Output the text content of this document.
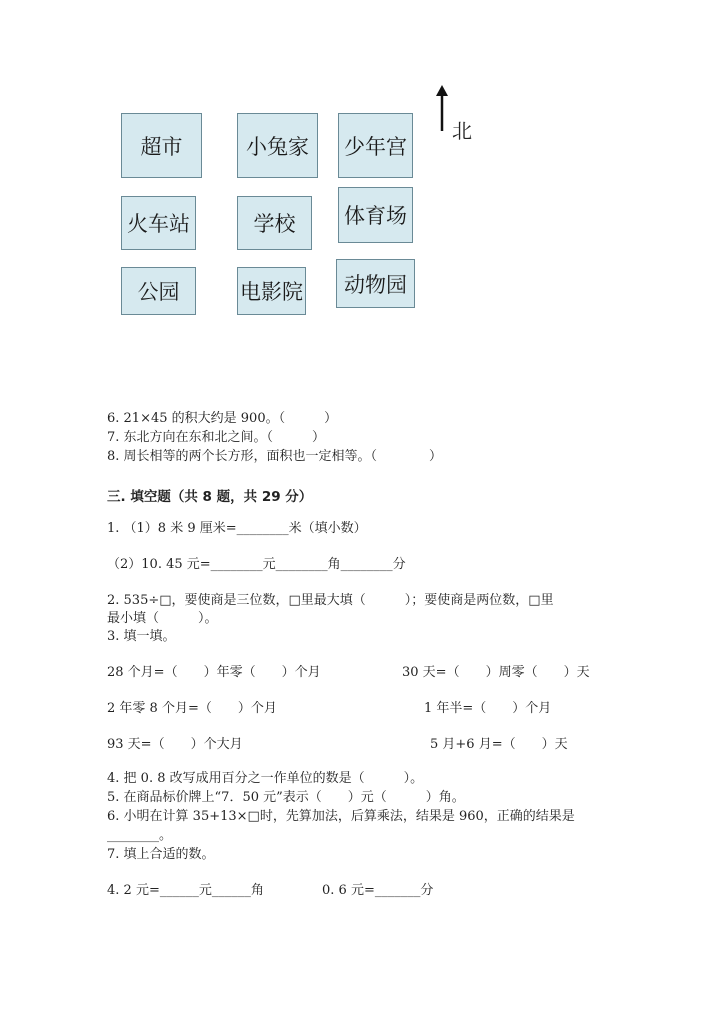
超市	小兔家	少年宫
火车站	学校	体育场
公园	电影院	动物园
北
6. 21×45 的积大约是 900。（　　　）
7. 东北方向在东和北之间。（　　　）
8. 周长相等的两个长方形，面积也一定相等。（　　　　）
三. 填空题（共 8 题，共 29 分）
1. （1）8 米 9 厘米=________米（填小数）
（2）10. 45 元=________元________角________分
2. 535÷□，要使商是三位数，□里最大填（　　　）；要使商是两位数，□里
最小填（　　　）。
3. 填一填。
28 个月=（　　）年零（　　）个月	30 天=（　　）周零（　　）天
2 年零 8 个月=（　　）个月	1 年半=（　　）个月
93 天=（　　）个大月	5 月+6 月=（　　）天
4. 把 0. 8 改写成用百分之一作单位的数是（　　　）。
5. 在商品标价牌上“7．50 元”表示（　　）元（　　　）角。
6. 小明在计算 35+13×□时，先算加法，后算乘法，结果是 960，正确的结果是
________。
7. 填上合适的数。
4. 2 元=______元______角	0. 6 元=_______分
